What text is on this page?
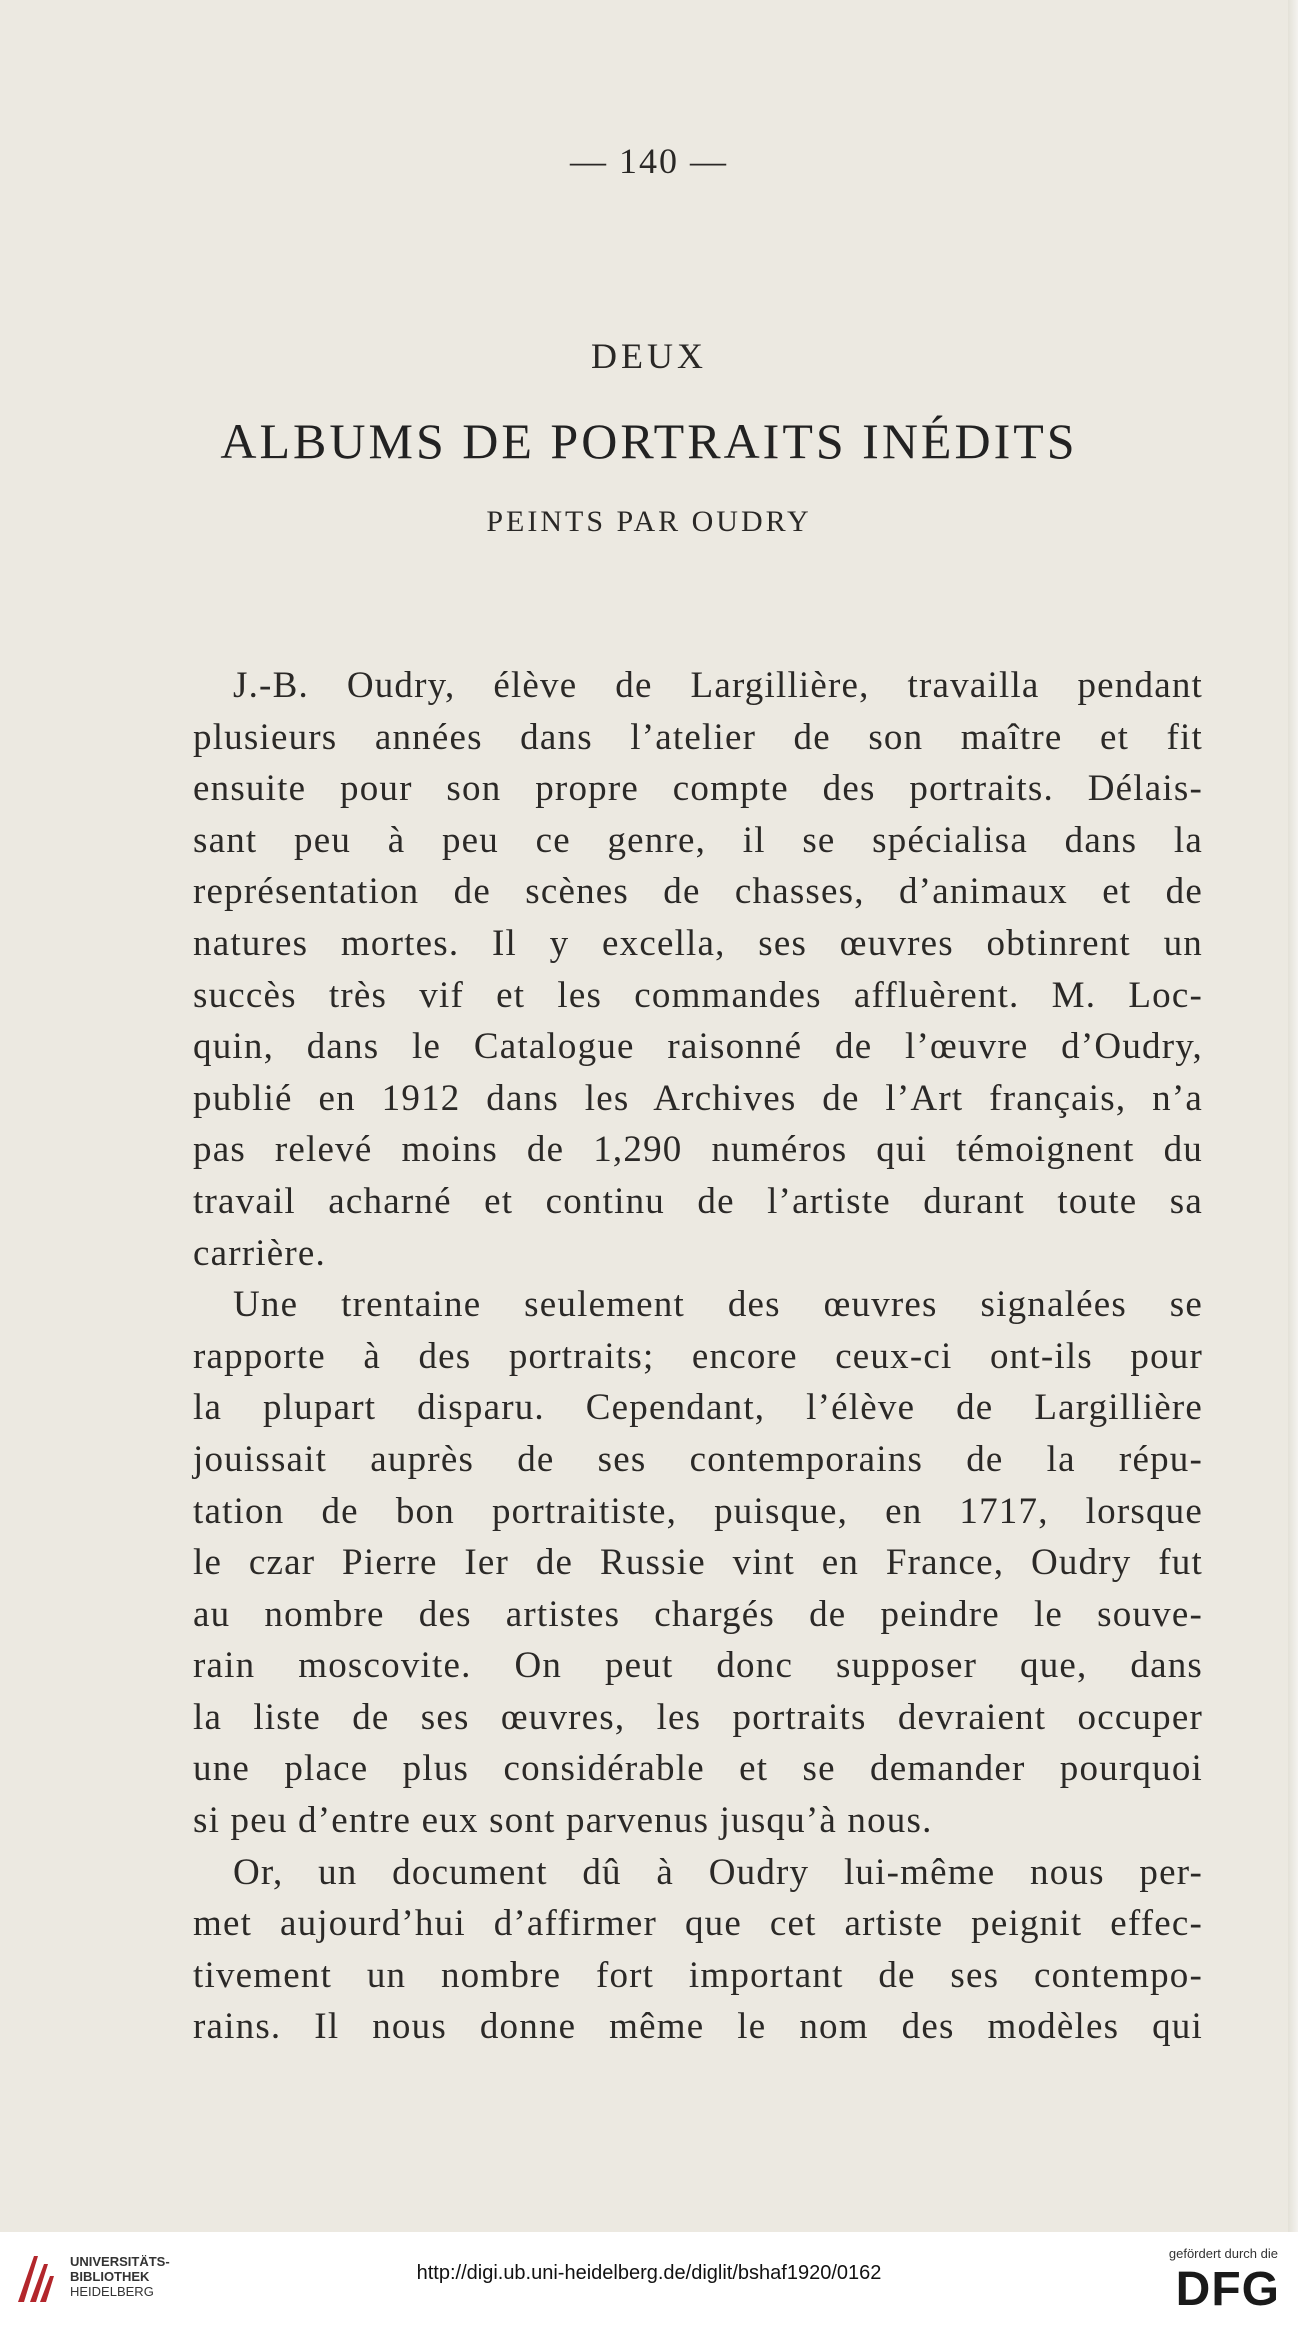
— 140 —
DEUX
ALBUMS DE PORTRAITS INÉDITS
PEINTS PAR OUDRY
J.-B. Oudry, élève de Largillière, travailla pendant
plusieurs années dans l’atelier de son maître et fit
ensuite pour son propre compte des portraits. Délais-
sant peu à peu ce genre, il se spécialisa dans la
représentation de scènes de chasses, d’animaux et de
natures mortes. Il y excella, ses œuvres obtinrent un
succès très vif et les commandes affluèrent. M. Loc-
quin, dans le Catalogue raisonné de l’œuvre d’Oudry,
publié en 1912 dans les Archives de l’Art français, n’a
pas relevé moins de 1,290 numéros qui témoignent du
travail acharné et continu de l’artiste durant toute sa
carrière.
Une trentaine seulement des œuvres signalées se
rapporte à des portraits; encore ceux-ci ont-ils pour
la plupart disparu. Cependant, l’élève de Largillière
jouissait auprès de ses contemporains de la répu-
tation de bon portraitiste, puisque, en 1717, lorsque
le czar Pierre Ier de Russie vint en France, Oudry fut
au nombre des artistes chargés de peindre le souve-
rain moscovite. On peut donc supposer que, dans
la liste de ses œuvres, les portraits devraient occuper
une place plus considérable et se demander pourquoi
si peu d’entre eux sont parvenus jusqu’à nous.
Or, un document dû à Oudry lui-même nous per-
met aujourd’hui d’affirmer que cet artiste peignit effec-
tivement un nombre fort important de ses contempo-
rains. Il nous donne même le nom des modèles qui
UNIVERSITÄTS-
BIBLIOTHEK
HEIDELBERG
http://digi.ub.uni-heidelberg.de/diglit/bshaf1920/0162
gefördert durch die
DFG
